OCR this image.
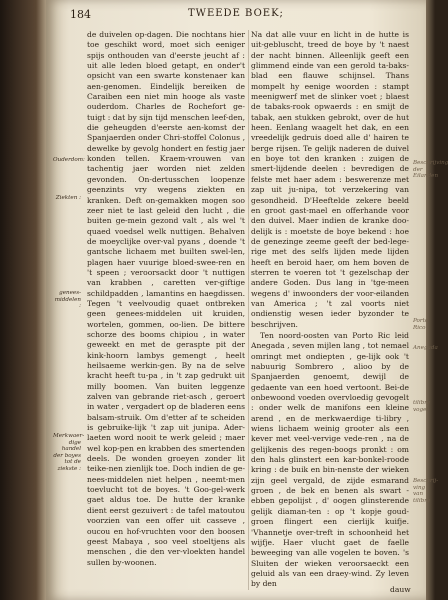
184	TWEEDE BOEK;

de duivelen op-dagen. Die nochtans hier toe geschikt word, moet sich eeniger spijs onthouden van d'eerste jeucht af : uit alle leden bloed getapt, en onder't opsicht van een swarte konstenaer kan aen-genomen. Eindelijk bereiken de Caraiben een niet min hooge als vaste ouderdom. Charles de Rochefort ge-tuigt : dat by sijn tijd menschen leef-den, die geheugden d'eerste aen-komst der Spanjaerden onder Chri-stoffel Colonus , dewelke by gevolg hondert en festig jaer konden tellen. Kraem-vrouwen van tachentig jaer worden niet zelden gevonden. On-dertusschen loopenze geenzints vry wegens ziekten en kranken. Deft on-gemakken mogen soo zeer niet te last geleid den lucht , die buiten ge-mein gezond valt , als wel 't quaed voedsel welk nuttigen. Behalven de moeyclijke over-val pyans , doende 't gantsche lichaem met builten swel-len, plagen haer vuurige bloed-swee-ren en 't speen ; veroorsackt door 't nuttigen van krabben , caretten ver-giftige schildpadden , lamantins en haegdissen. Tegen 't veelvoudig quaet ontbreken geen genees-middelen uit kruiden, wortelen, gommen, oo-lien. De bittere schorze des booms chipiou , in water geweekt en met de geraspte pit der kink-hoorn lambys gemengt , heelt heilsaeme werkin-gen. By na de selve kracht heeft tu-pa , in 't zap gedrukt uit milly boomen. Van buiten leggenze zalven van gebrande riet-asch , geroert in water , vergadert op de bladeren eens balsam-struik. Om d'etter af te scheiden is gebruike-lijk 't zap uit junipa. Ader-laeten word nooit te werk geleid ; maer wel kop-pen en krabben des smertenden deels. De wonden groeyen zonder lit teike-nen zienlijk toe. Doch indien de ge-nees-middelen niet helpen , neemt-men toevlucht tot de boyes. 't Goo-gel-werk gaet aldus toe. De hutte der kranke dient eerst gezuivert : de tafel matoutou voorzien van een offer uit casseve , oucou en hof-vruchten voor den boosen geest Mabaya , soo veel stoeltjens als menschen , die den ver-vloekten handel sullen by-woonen.

Na dat alle vuur en licht in de hutte is uit-gebluscht, treed de boye by 't naest der nacht binnen. Alleenlijk geeft een glimmend einde van een gerold ta-baks-blad een flauwe schijnsel. Thans mompelt hy eenige woorden : stampt meenigwerf met de slinker voet ; blaest de tabaks-rook opwaerds : en smijt de tabak, aen stukken gebrokt, over de hut heen. Eenlang waagelt het dak, en een vreedelijk gedruis doed alle d' hairen te berge rijsen. Te gelijk naderen de duivel en boye tot den kranken : zuigen de smert-lijdende deelen : bevredigen de felste met haer adem : beswerenze met zap uit ju-nipa, tot verzekering van gesondheid. D'Heeftelde zekere beeld en groot gast-mael en offerhande voor den duivel. Maer indien de kranke doo-delijk is : moetste de boye bekend : hoe de genezinge zeeme geeft der bed-lege-rige met des selfs lijden mede lijden heeft en beroid haer, om hem boven de sterren te voeren tot 't gezelschap der andere Goden. Dus lang in 'tge-meen wegens d' inwoonders der voor-eilanden van America ; 't zal voorts niet ondienstig wesen ieder byzonder te beschrijven.

Ten noord-oosten van Porto Ric leid Anegada , seven mijlen lang , tot nemael omringt met ondiepten , ge-lijk ook 't nabuurig Sombrero , alioo by de Spanjaerden genoemt, dewijl de gedaente van een hoed vertoont. Bei-de onbewoond voeden overvloedig gevogelt : onder welk de manifons een kleine arend , en de merkwaerdige ti-libry , wiens lichaem weinig grooter als een kever met veel-vervige vede-ren , na de gelijkenis des regen-boogs pronkt : om den hals glinstert een kar-bonkel-roode kring : de buik en bin-nenste der wieken zijn geel vergald, de zijde esmarand groen , de bek en benen als swart - ebben gepolijst , d' oogen glinsterende gelijk diaman-ten : op 't kopje goud-groen flingert een cierlijk kuifje. 'Vhannetje over-treft in schoonheid het wijfje. Haer vlucht gaet de faelle beweeging van alle vogelen te boven. 's Sluiten der wieken veroorsaeckt een geluid als van een draey-wind. Zy leven by den

dauw
Ouderdom:
Ziekten :
genees-middelen :
Merkwaer-dige handel der boyes tot de ziekste :
Beschrijving der Eilanden
Porto Rico
Anegada
tilibry vogel
Beschrij-ving van tilibry
